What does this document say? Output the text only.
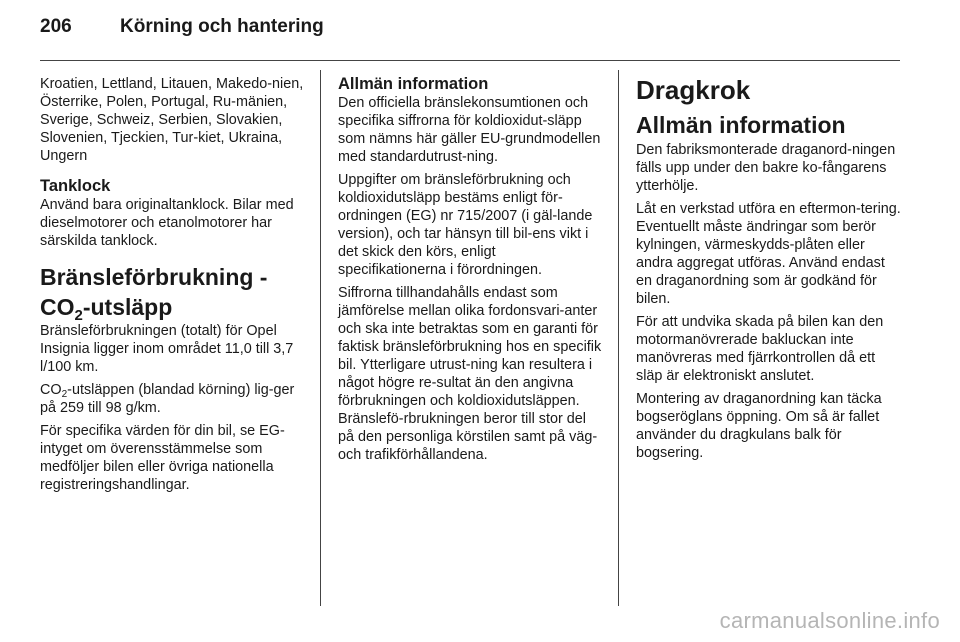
206	Körning och hantering

Kroatien, Lettland, Litauen, Makedo-nien, Österrike, Polen, Portugal, Ru-mänien, Sverige, Schweiz, Serbien, Slovakien, Slovenien, Tjeckien, Tur-kiet, Ukraina, Ungern

Tanklock

Använd bara originaltanklock. Bilar med dieselmotorer och etanolmotorer har särskilda tanklock.

Bränsleförbrukning - $CO_2$-utsläpp

Bränsleförbrukningen (totalt) för Opel Insignia ligger inom området 11,0 till 3,7 l/100 km.

$CO_2$-utsläppen (blandad körning) lig-ger på 259 till 98 g/km.

För specifika värden för din bil, se EG-intyget om överensstämmelse som medföljer bilen eller övriga nationella registreringshandlingar.

Allmän information

Den officiella bränslekonsumtionen och specifika siffrorna för koldioxidut-släpp som nämns här gäller EU-grundmodellen med standardutrust-ning.

Uppgifter om bränsleförbrukning och koldioxidutsläpp bestäms enligt för-ordningen (EG) nr 715/2007 (i gäl-lande version), och tar hänsyn till bil-ens vikt i det skick den körs, enligt specifikationerna i förordningen.

Siffrorna tillhandahålls endast som jämförelse mellan olika fordonsvari-anter och ska inte betraktas som en garanti för faktisk bränsleförbrukning hos en specifik bil. Ytterligare utrust-ning kan resultera i något högre re-sultat än den angivna förbrukningen och koldioxidutsläppen. Bränslefö-rbrukningen beror till stor del på den personliga körstilen samt på väg- och trafikförhållandena.

Dragkrok
Allmän information

Den fabriksmonterade draganord-ningen fälls upp under den bakre ko-fångarens ytterhölje.

Låt en verkstad utföra en eftermon-tering. Eventuellt måste ändringar som berör kylningen, värmeskydds-plåten eller andra aggregat utföras. Använd endast en draganordning som är godkänd för bilen.

För att undvika skada på bilen kan den motormanövrerade bakluckan inte manövreras med fjärrkontrollen då ett släp är elektroniskt anslutet.

Montering av draganordning kan täcka bogseröglans öppning. Om så är fallet använder du dragkulans balk för bogsering.

carmanualsonline.info
